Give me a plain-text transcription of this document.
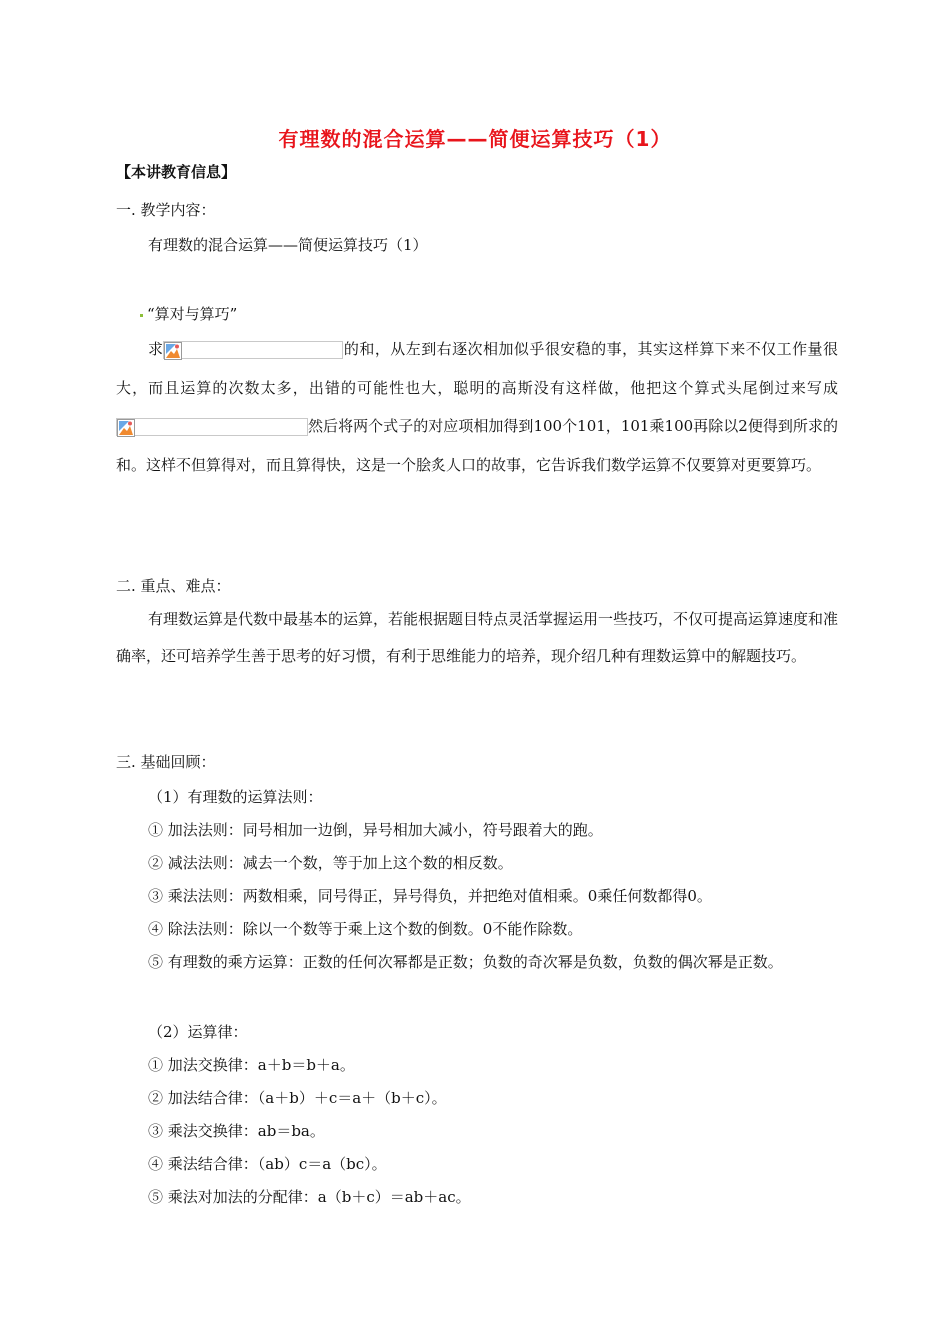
有理数的混合运算——简便运算技巧（1）
【本讲教育信息】
一. 教学内容：
有理数的混合运算——简便运算技巧（1）
“算对与算巧”
求	的和，从左到右逐次相加似乎很安稳的事，其实这样算下来不仅工作量很大，而且运算的次数太多，出错的可能性也大，聪明的高斯没有这样做，他把这个算式头尾倒过来写成
然后将两个式子的对应项相加得到100个101，101乘100再除以2便得到所求的和。这样不但算得对，而且算得快，这是一个脍炙人口的故事，它告诉我们数学运算不仅要算对更要算巧。
二. 重点、难点：
有理数运算是代数中最基本的运算，若能根据题目特点灵活掌握运用一些技巧，不仅可提高运算速度和准确率，还可培养学生善于思考的好习惯，有利于思维能力的培养，现介绍几种有理数运算中的解题技巧。
三. 基础回顾：
（1）有理数的运算法则：
① 加法法则：同号相加一边倒，异号相加大减小，符号跟着大的跑。
② 减法法则：减去一个数，等于加上这个数的相反数。
③ 乘法法则：两数相乘，同号得正，异号得负，并把绝对值相乘。0乘任何数都得0。
④ 除法法则：除以一个数等于乘上这个数的倒数。0不能作除数。
⑤ 有理数的乘方运算：正数的任何次幂都是正数；负数的奇次幂是负数，负数的偶次幂是正数。
（2）运算律：
① 加法交换律：a＋b＝b＋a。
② 加法结合律：（a＋b）＋c＝a＋（b＋c）。
③ 乘法交换律：ab＝ba。
④ 乘法结合律：（ab）c＝a（bc）。
⑤ 乘法对加法的分配律：a（b＋c）＝ab＋ac。
